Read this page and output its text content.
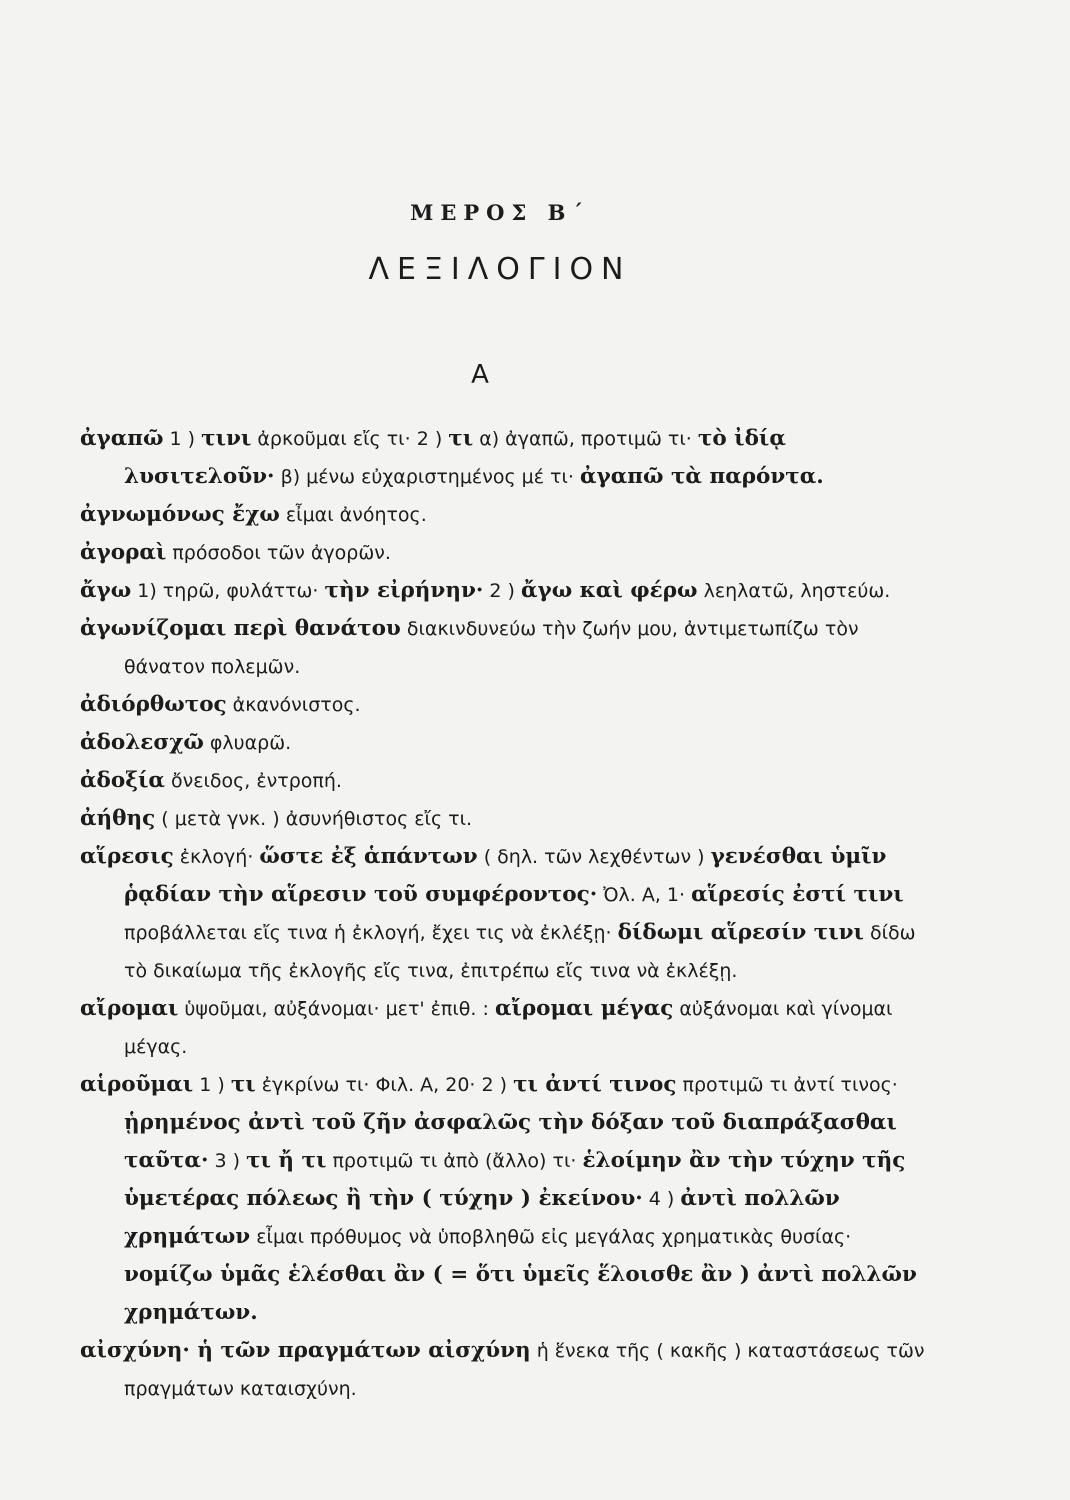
ΜΕΡΟΣ Β΄
ΛΕΞΙΛΟΓΙΟΝ
Α

ἀγαπῶ 1 ) τινι ἀρκοῦμαι εἴς τι· 2 ) τι α) ἀγαπῶ, προτιμῶ τι· τὸ ἰδίᾳ λυσιτελοῦν· β) μένω εὐχαριστημένος μέ τι· ἀγαπῶ τὰ παρόντα.

ἀγνωμόνως ἔχω εἶμαι ἀνόητος.

ἀγοραὶ πρόσοδοι τῶν ἀγορῶν.

ἄγω 1) τηρῶ, φυλάττω· τὴν εἰρήνην· 2 ) ἄγω καὶ φέρω λεηλατῶ, ληστεύω.

ἀγωνίζομαι περὶ θανάτου διακινδυνεύω τὴν ζωήν μου, ἀντιμετωπίζω τὸν θάνατον πολεμῶν.

ἀδιόρθωτος ἀκανόνιστος.

ἀδολεσχῶ φλυαρῶ.

ἀδοξία ὄνειδος, ἐντροπή.

ἀήθης ( μετὰ γνκ. ) ἀσυνήθιστος εἴς τι.

αἵρεσις ἐκλογή· ὥστε ἐξ ἁπάντων ( δηλ. τῶν λεχθέντων ) γενέσθαι ὑμῖν ῥᾳδίαν τὴν αἵρεσιν τοῦ συμφέροντος· Ὀλ. Α, 1· αἵρεσίς ἐστί τινι προβάλλεται εἴς τινα ἡ ἐκλογή, ἔχει τις νὰ ἐκλέξῃ· δίδωμι αἵρεσίν τινι δίδω τὸ δικαίωμα τῆς ἐκλογῆς εἴς τινα, ἐπιτρέπω εἴς τινα νὰ ἐκλέξῃ.

αἴρομαι ὑψοῦμαι, αὐξάνομαι· μετ' ἐπιθ. : αἴρομαι μέγας αὐξάνομαι καὶ γίνομαι μέγας.

αἱροῦμαι 1 ) τι ἐγκρίνω τι· Φιλ. Α, 20· 2 ) τι ἀντί τινος προτιμῶ τι ἀντί τινος· ᾑρημένος ἀντὶ τοῦ ζῆν ἀσφαλῶς τὴν δόξαν τοῦ διαπράξασθαι ταῦτα· 3 ) τι ἤ τι προτιμῶ τι ἀπὸ (ἄλλο) τι· ἑλοίμην ἂν τὴν τύχην τῆς ὑμετέρας πόλεως ἢ τὴν ( τύχην ) ἐκείνου· 4 ) ἀντὶ πολλῶν χρημάτων εἶμαι πρόθυμος νὰ ὑποβληθῶ εἰς μεγάλας χρηματικὰς θυσίας· νομίζω ὑμᾶς ἑλέσθαι ἂν ( = ὅτι ὑμεῖς ἕλοισθε ἂν ) ἀντὶ πολλῶν χρημάτων.

αἰσχύνη· ἡ τῶν πραγμάτων αἰσχύνη ἡ ἕνεκα τῆς ( κακῆς ) καταστάσεως τῶν πραγμάτων καταισχύνη.
